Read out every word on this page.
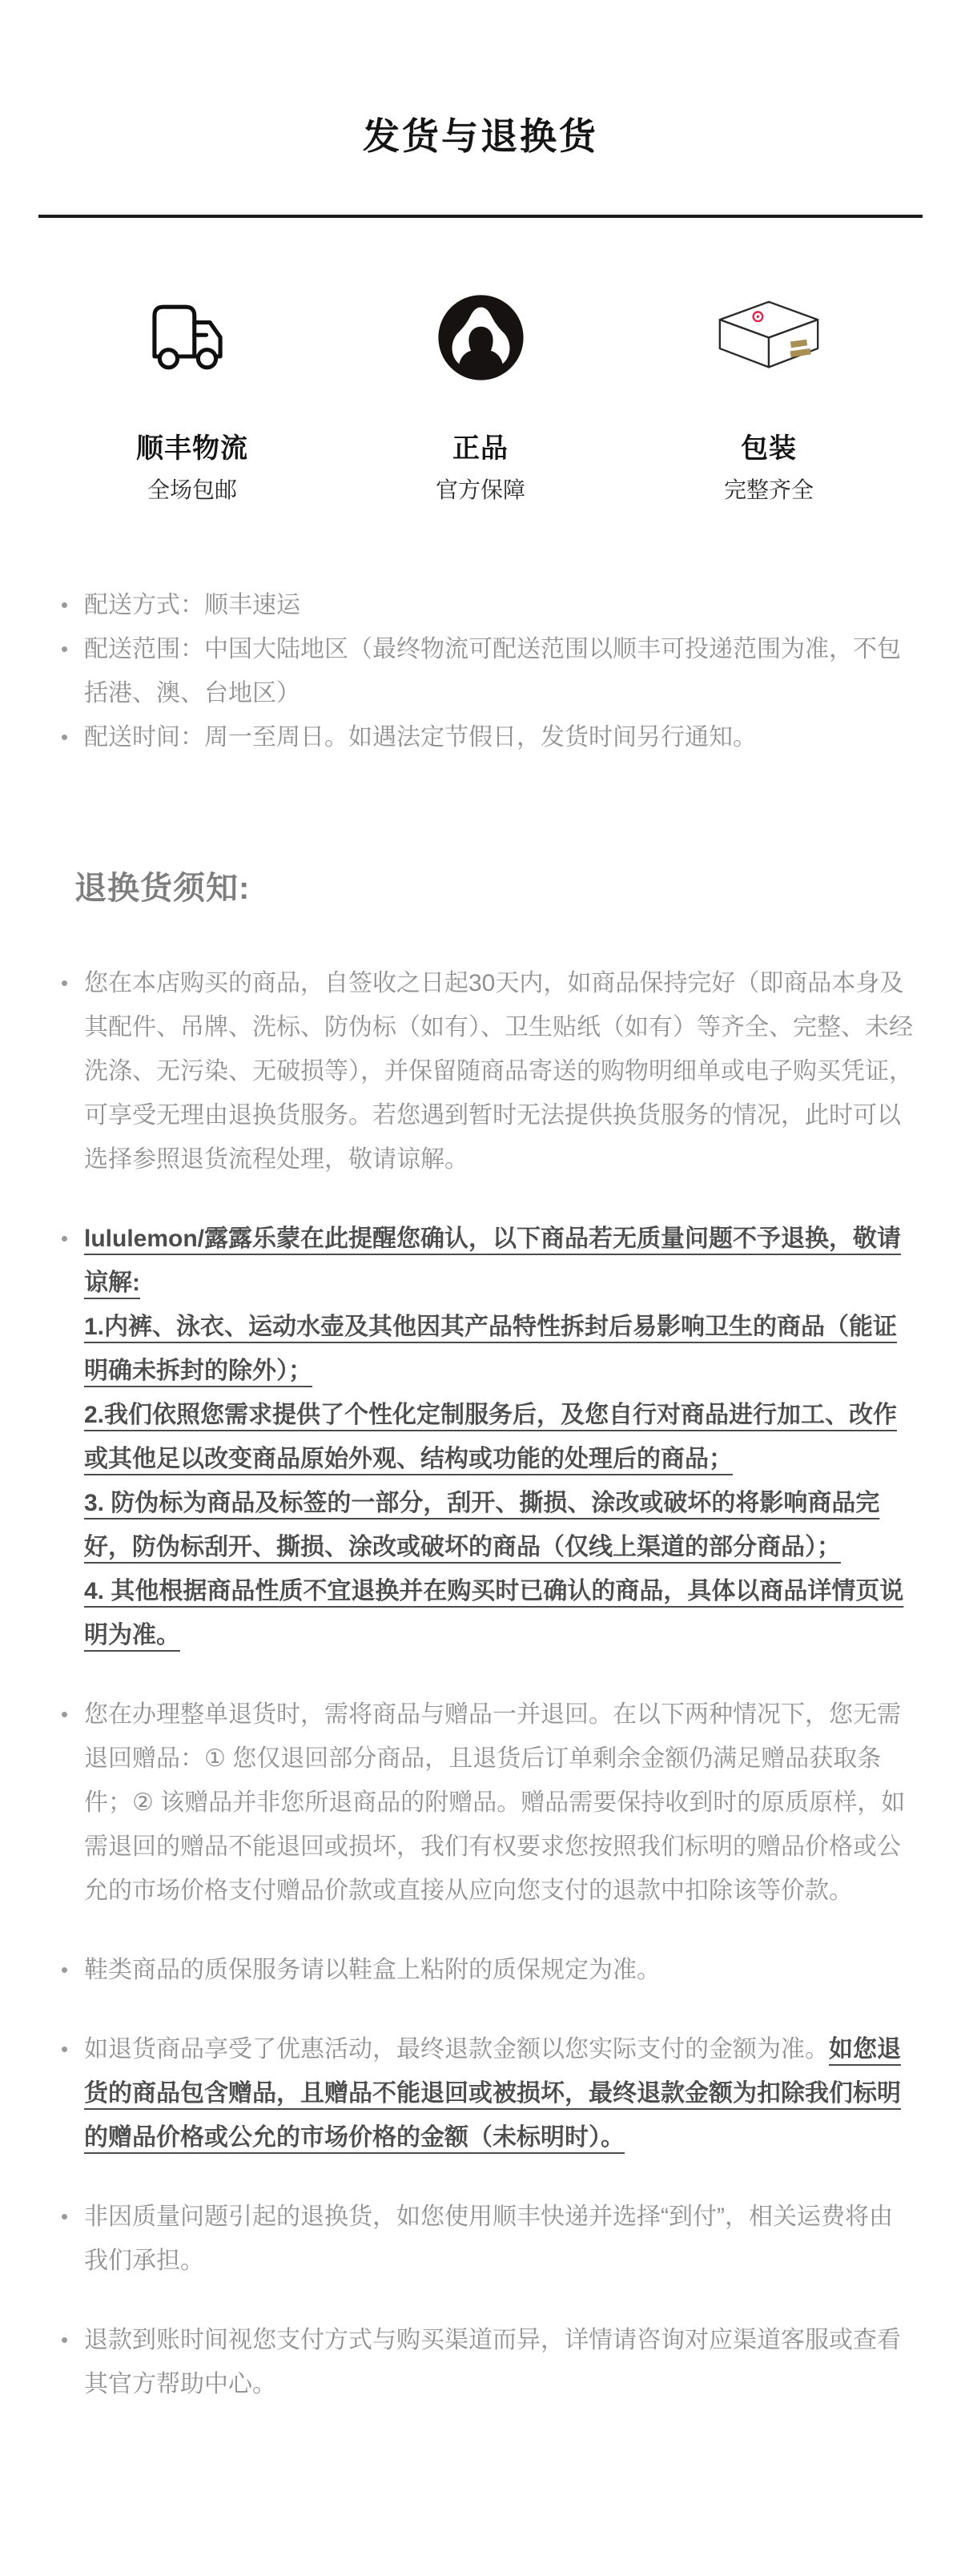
发货与退换货
顺丰物流
全场包邮
正品
官方保障
包装
完整齐全
配送方式：顺丰速运
配送范围：中国大陆地区（最终物流可配送范围以顺丰可投递范围为准，不包括港、澳、台地区）
配送时间：周一至周日。如遇法定节假日，发货时间另行通知。
退换货须知:
您在本店购买的商品，自签收之日起30天内，如商品保持完好（即商品本身及其配件、吊牌、洗标、防伪标（如有）、卫生贴纸（如有）等齐全、完整、未经洗涤、无污染、无破损等），并保留随商品寄送的购物明细单或电子购买凭证，可享受无理由退换货服务。若您遇到暂时无法提供换货服务的情况，此时可以选择参照退货流程处理，敬请谅解。
lululemon/露露乐蒙在此提醒您确认，以下商品若无质量问题不予退换，敬请谅解:
1.内裤、泳衣、运动水壶及其他因其产品特性拆封后易影响卫生的商品（能证明确未拆封的除外）；
2.我们依照您需求提供了个性化定制服务后，及您自行对商品进行加工、改作或其他足以改变商品原始外观、结构或功能的处理后的商品；
3. 防伪标为商品及标签的一部分，刮开、撕损、涂改或破坏的将影响商品完好，防伪标刮开、撕损、涂改或破坏的商品（仅线上渠道的部分商品）；
4. 其他根据商品性质不宜退换并在购买时已确认的商品，具体以商品详情页说明为准。
您在办理整单退货时，需将商品与赠品一并退回。在以下两种情况下，您无需退回赠品：① 您仅退回部分商品，且退货后订单剩余金额仍满足赠品获取条件；② 该赠品并非您所退商品的附赠品。赠品需要保持收到时的原质原样，如需退回的赠品不能退回或损坏，我们有权要求您按照我们标明的赠品价格或公允的市场价格支付赠品价款或直接从应向您支付的退款中扣除该等价款。
鞋类商品的质保服务请以鞋盒上粘附的质保规定为准。
如退货商品享受了优惠活动，最终退款金额以您实际支付的金额为准。如您退货的商品包含赠品，且赠品不能退回或被损坏，最终退款金额为扣除我们标明的赠品价格或公允的市场价格的金额（未标明时）。
非因质量问题引起的退换货，如您使用顺丰快递并选择“到付”，相关运费将由我们承担。
退款到账时间视您支付方式与购买渠道而异，详情请咨询对应渠道客服或查看其官方帮助中心。
